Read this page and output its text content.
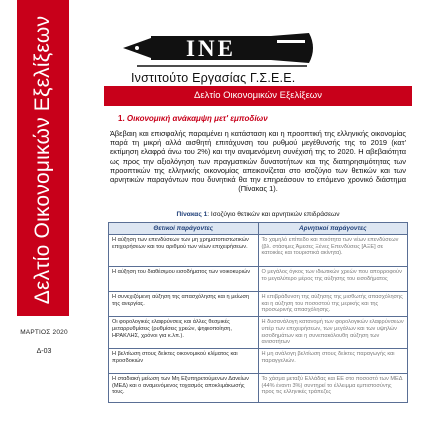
Δελτίο Οικονομικών Εξελίξεων
ΜΑΡΤΙΟΣ 2020
Δ-03
ΙΝΕ
Ινστιτούτο Εργασίας Γ.Σ.Ε.Ε.
Δελτίο Οικονομικών Εξελίξεων
1. Οικονομική ανάκαμψη μετ' εμποδίων
Άβεβαιη και επισφαλής παραμένει η κατάσταση και η προοπτική της ελληνικής οικονομίας παρά τη μικρή αλλά αισθητή επιτάχυνση του ρυθμού μεγέθυνσής της το 2019 (κατ' εκτίμηση ελαφρά άνω του 2%) και την αναμενόμενη συνέχισή της το 2020. Η αβεβαιότητα ως προς την αξιολόγηση των πραγματικών δυνατοτήτων και της διατηρησιμότητας των προοπτικών της ελληνικής οικονομίας απεικονίζεται στο ισοζύγιο των θετικών και των αρνητικών παραγόντων που δυνητικά θα την επηρεάσουν το επόμενο χρονικό διάστημα (Πίνακας 1).
Πίνακας 1: Ισοζύγιο θετικών και αρνητικών επιδράσεων
Θετικοί παράγοντες	Αρνητικοί παράγοντες
Η αύξηση των επενδύσεων των μη χρηματοπιστωτικών επιχειρήσεων και του αριθμού των νέων επιχειρήσεων.	Το χαμηλό επίπεδο και ποιότητα των νέων επενδύσεων (βλ. στάσιμες Άμεσες Ξένες Επενδύσεις [ΑΞΕ] σε κατοικίες και τουριστικά ακίνητα).
Η αύξηση του διαθέσιμου εισοδήματος των νοικοκυριών	Ο μεγάλος όγκος των ιδιωτικών χρεών που απορροφούν το μεγαλύτερο μέρος της αύξησης του εισοδήματος
Η συνεχιζόμενη αύξηση της απασχόλησης και η μείωση της ανεργίας.	Η επιβράδυνση της αύξησης της μισθωτής απασχόλησης και η αύξηση του ποσοστού της μερικής και της προσωρινής απασχόλησης.
Οι φορολογικές ελαφρύνσεις και άλλες θεσμικές μεταρρυθμίσεις (ρυθμίσεις χρεών, ψηφιοποίηση, ΗΡΑΚΛΗΣ, χρόνοι για κ.λπ.).	Η δυσανάλογη κατανομή των φορολογικών ελαφρύνσεων υπέρ των επιχειρήσεων, των μεγάλων και των υψηλών εισοδημάτων και η συνεπακόλουθη αύξηση των ανισοτήτων
Η βελτίωση στους δείκτες οικονομικού κλίματος και προσδοκιών	Η μη ανάλογη βελτίωση στους δείκτες παραγωγής και παραγγελιών.
Η σταδιακή μείωση των Μη Εξυπηρετούμενων Δανείων (ΜΕΔ) και ο αναμενόμενος τοχασμός αποκλιμάκωσής τους.	Το χάσμα μεταξύ Ελλάδας και ΕΕ στο ποσοστό των ΜΕΔ (44% έναντι 3%) συντηρεί το έλλειμμα εμπιστοσύνης προς τις ελληνικές τράπεζες
